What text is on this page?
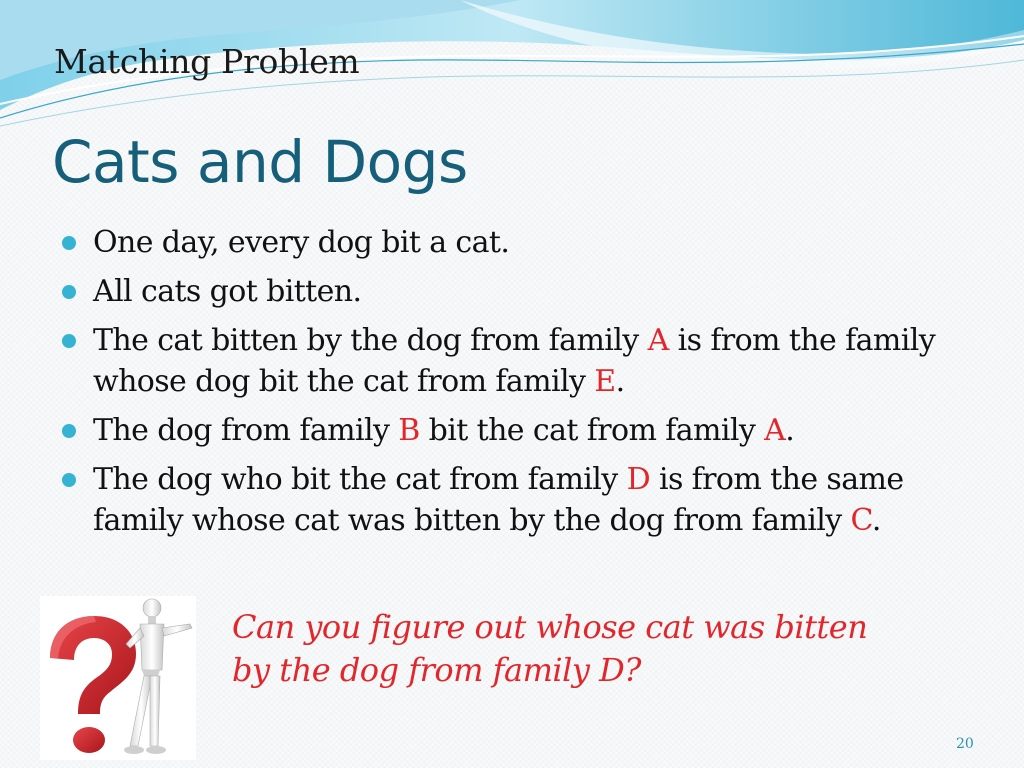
Matching Problem
Cats and Dogs
One day, every dog bit a cat.
All cats got bitten.
The cat bitten by the dog from family A is from the family whose dog bit the cat from family E.
The dog from family B bit the cat from family A.
The dog who bit the cat from family D is from the same family whose cat was bitten by the dog from family C.
Can you figure out whose cat was bitten
by the dog from family D?
20
